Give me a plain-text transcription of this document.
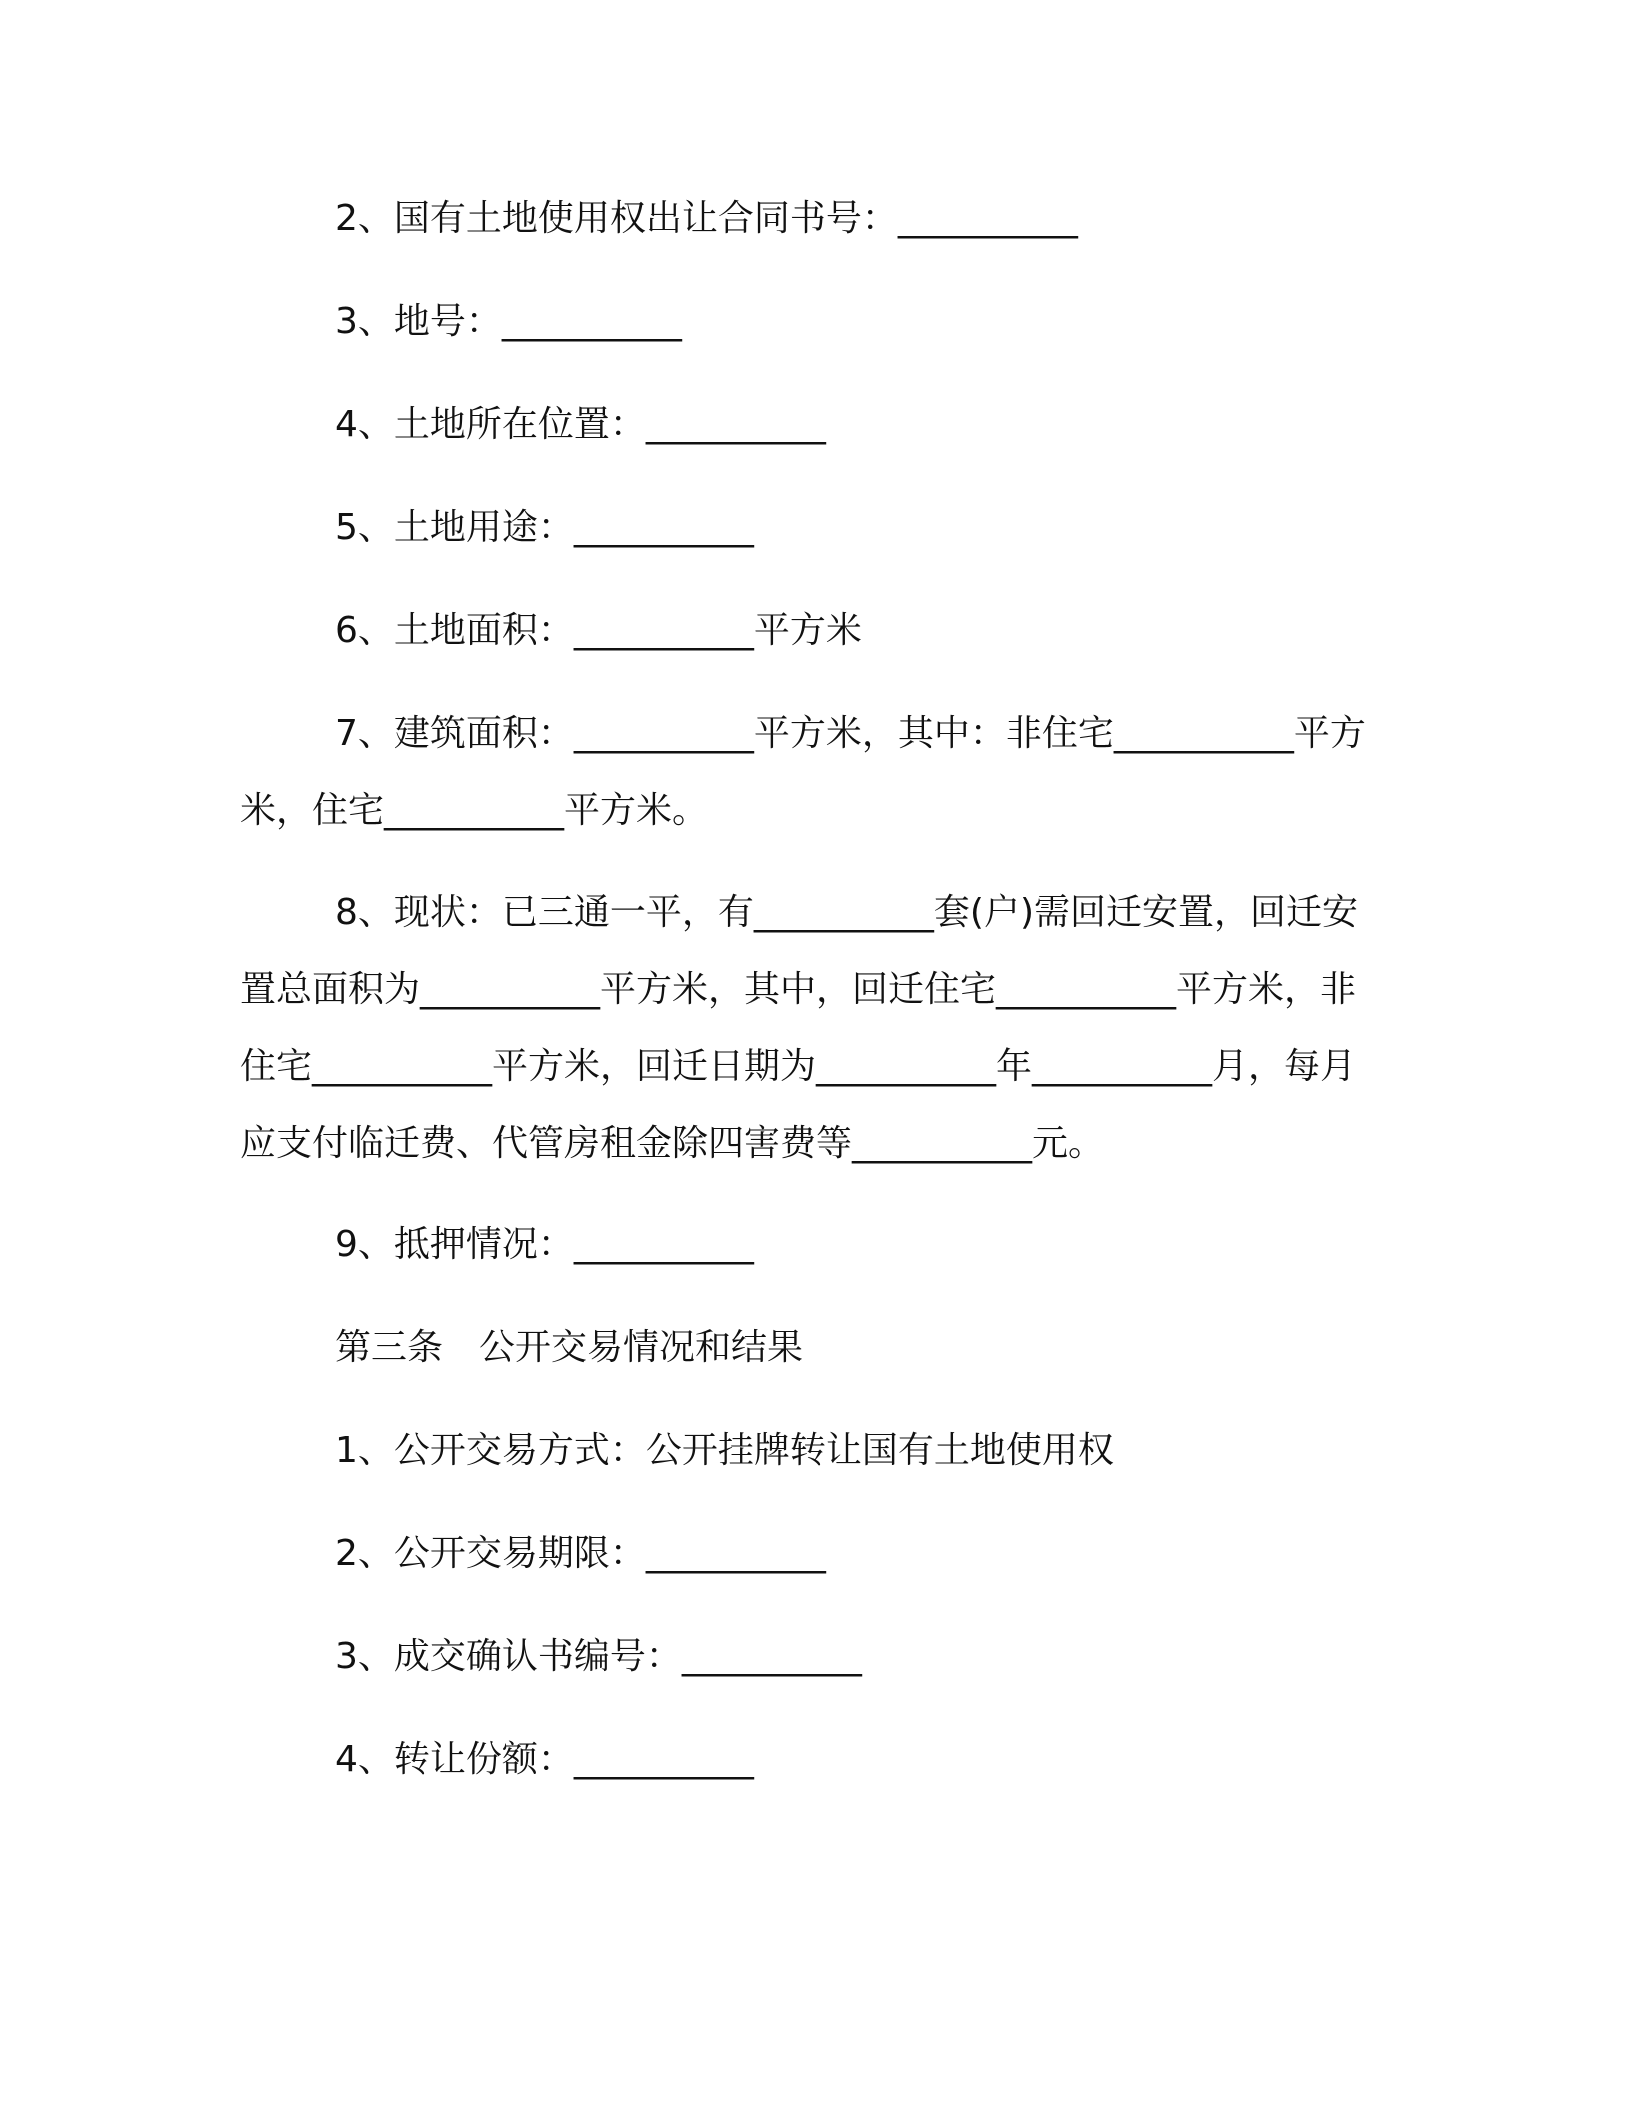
2、国有土地使用权出让合同书号：__________

3、地号：__________

4、土地所在位置：__________

5、土地用途：__________

6、土地面积：__________平方米

7、建筑面积：__________平方米，其中：非住宅__________平方米，住宅__________平方米。

8、现状：已三通一平，有__________套(户)需回迁安置，回迁安置总面积为__________平方米，其中，回迁住宅__________平方米，非住宅__________平方米，回迁日期为__________年__________月，每月应支付临迁费、代管房租金除四害费等__________元。

9、抵押情况：__________

第三条　公开交易情况和结果

1、公开交易方式：公开挂牌转让国有土地使用权

2、公开交易期限：__________

3、成交确认书编号：__________

4、转让份额：__________
